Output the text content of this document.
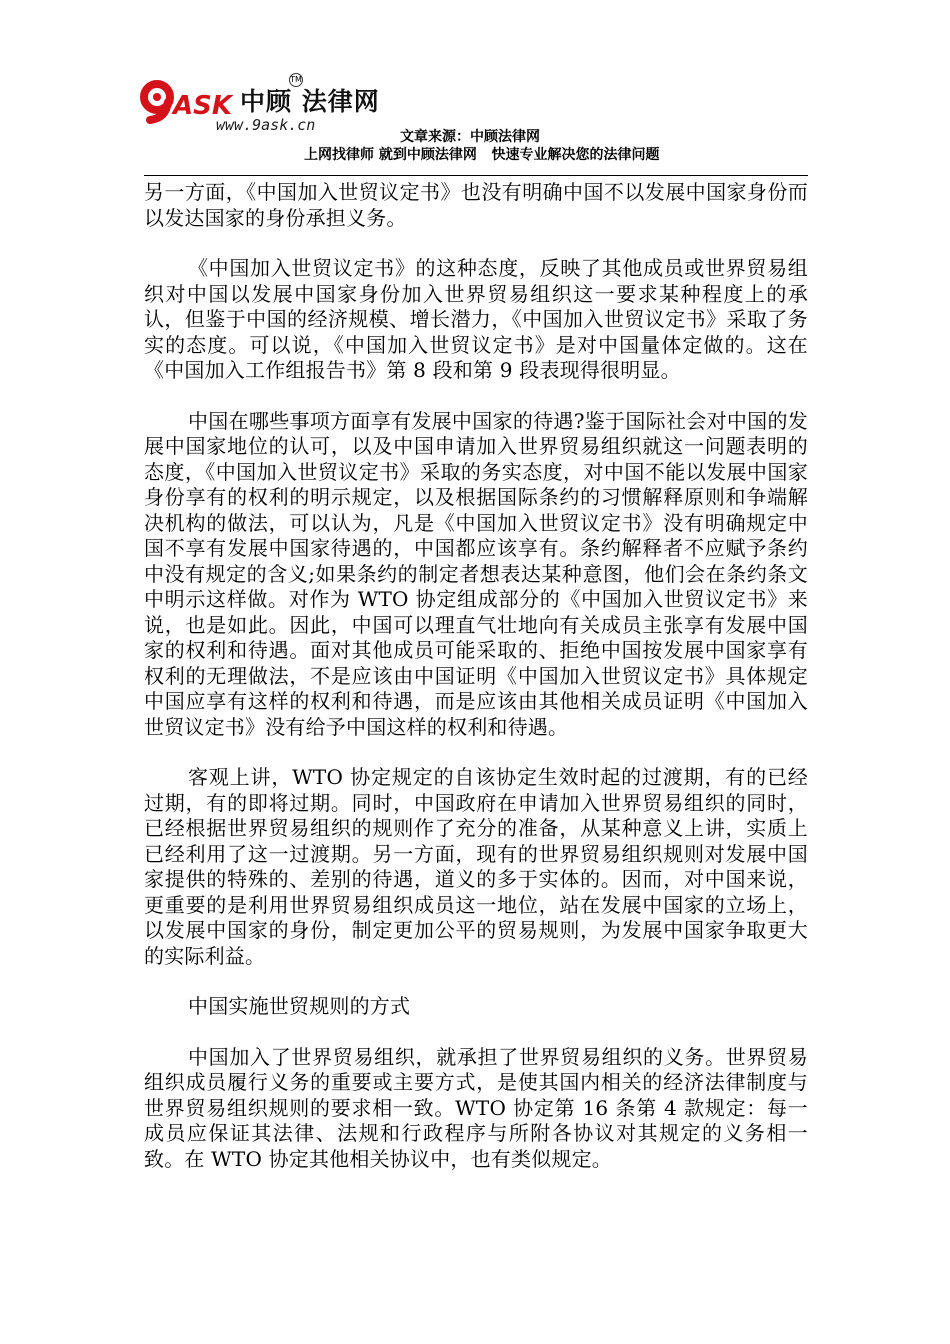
ASK 中顾 法律网
TM
www.9ask.cn
文章来源：中顾法律网
上网找律师 就到中顾法律网   快速专业解决您的法律问题

另一方面，《中国加入世贸议定书》也没有明确中国不以发展中国家身份而以发达国家的身份承担义务。

《中国加入世贸议定书》的这种态度，反映了其他成员或世界贸易组织对中国以发展中国家身份加入世界贸易组织这一要求某种程度上的承认，但鉴于中国的经济规模、增长潜力，《中国加入世贸议定书》采取了务实的态度。可以说，《中国加入世贸议定书》是对中国量体定做的。这在《中国加入工作组报告书》第 8 段和第 9 段表现得很明显。

中国在哪些事项方面享有发展中国家的待遇?鉴于国际社会对中国的发展中国家地位的认可，以及中国申请加入世界贸易组织就这一问题表明的态度，《中国加入世贸议定书》采取的务实态度，对中国不能以发展中国家身份享有的权利的明示规定，以及根据国际条约的习惯解释原则和争端解决机构的做法，可以认为，凡是《中国加入世贸议定书》没有明确规定中国不享有发展中国家待遇的，中国都应该享有。条约解释者不应赋予条约中没有规定的含义;如果条约的制定者想表达某种意图，他们会在条约条文中明示这样做。对作为 WTO 协定组成部分的《中国加入世贸议定书》来说，也是如此。因此，中国可以理直气壮地向有关成员主张享有发展中国家的权利和待遇。面对其他成员可能采取的、拒绝中国按发展中国家享有权利的无理做法，不是应该由中国证明《中国加入世贸议定书》具体规定中国应享有这样的权利和待遇，而是应该由其他相关成员证明《中国加入世贸议定书》没有给予中国这样的权利和待遇。

客观上讲，WTO 协定规定的自该协定生效时起的过渡期，有的已经过期，有的即将过期。同时，中国政府在申请加入世界贸易组织的同时，已经根据世界贸易组织的规则作了充分的准备，从某种意义上讲，实质上已经利用了这一过渡期。另一方面，现有的世界贸易组织规则对发展中国家提供的特殊的、差别的待遇，道义的多于实体的。因而，对中国来说，更重要的是利用世界贸易组织成员这一地位，站在发展中国家的立场上，以发展中国家的身份，制定更加公平的贸易规则，为发展中国家争取更大的实际利益。

中国实施世贸规则的方式

中国加入了世界贸易组织，就承担了世界贸易组织的义务。世界贸易组织成员履行义务的重要或主要方式，是使其国内相关的经济法律制度与世界贸易组织规则的要求相一致。WTO 协定第 16 条第 4 款规定：每一成员应保证其法律、法规和行政程序与所附各协议对其规定的义务相一致。在 WTO 协定其他相关协议中，也有类似规定。
